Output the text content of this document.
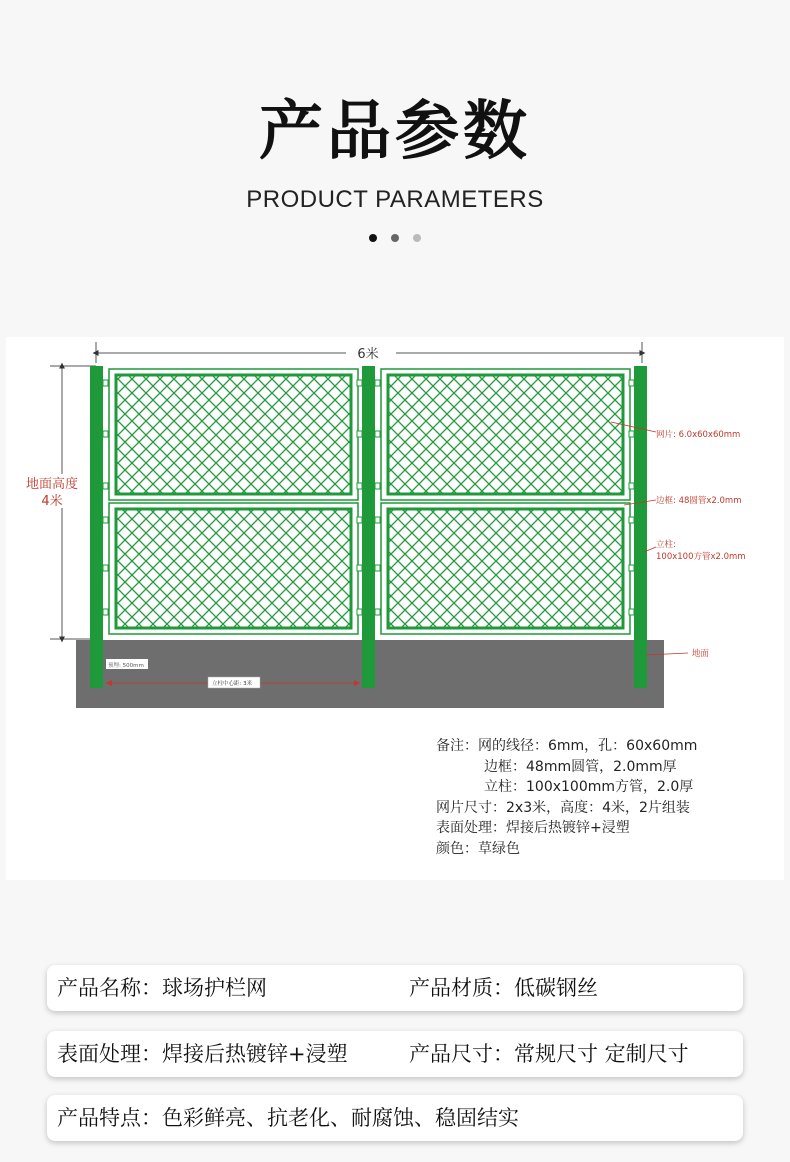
产品参数
PRODUCT PARAMETERS
6米
地面高度
4米
网片: 6.0x60x60mm
边框: 48圆管x2.0mm
立柱:
100x100方管x2.0mm
地面
预埋: 500mm
立柱中心距: 3米
备注：网的线径：6mm，孔：60x60mm
边框：48mm圆管，2.0mm厚
立柱：100x100mm方管，2.0厚
网片尺寸：2x3米，高度：4米，2片组装
表面处理：焊接后热镀锌+浸塑
颜色：草绿色
产品名称：球场护栏网	产品材质：低碳钢丝
表面处理：焊接后热镀锌+浸塑	产品尺寸：常规尺寸 定制尺寸
产品特点：色彩鲜亮、抗老化、耐腐蚀、稳固结实
